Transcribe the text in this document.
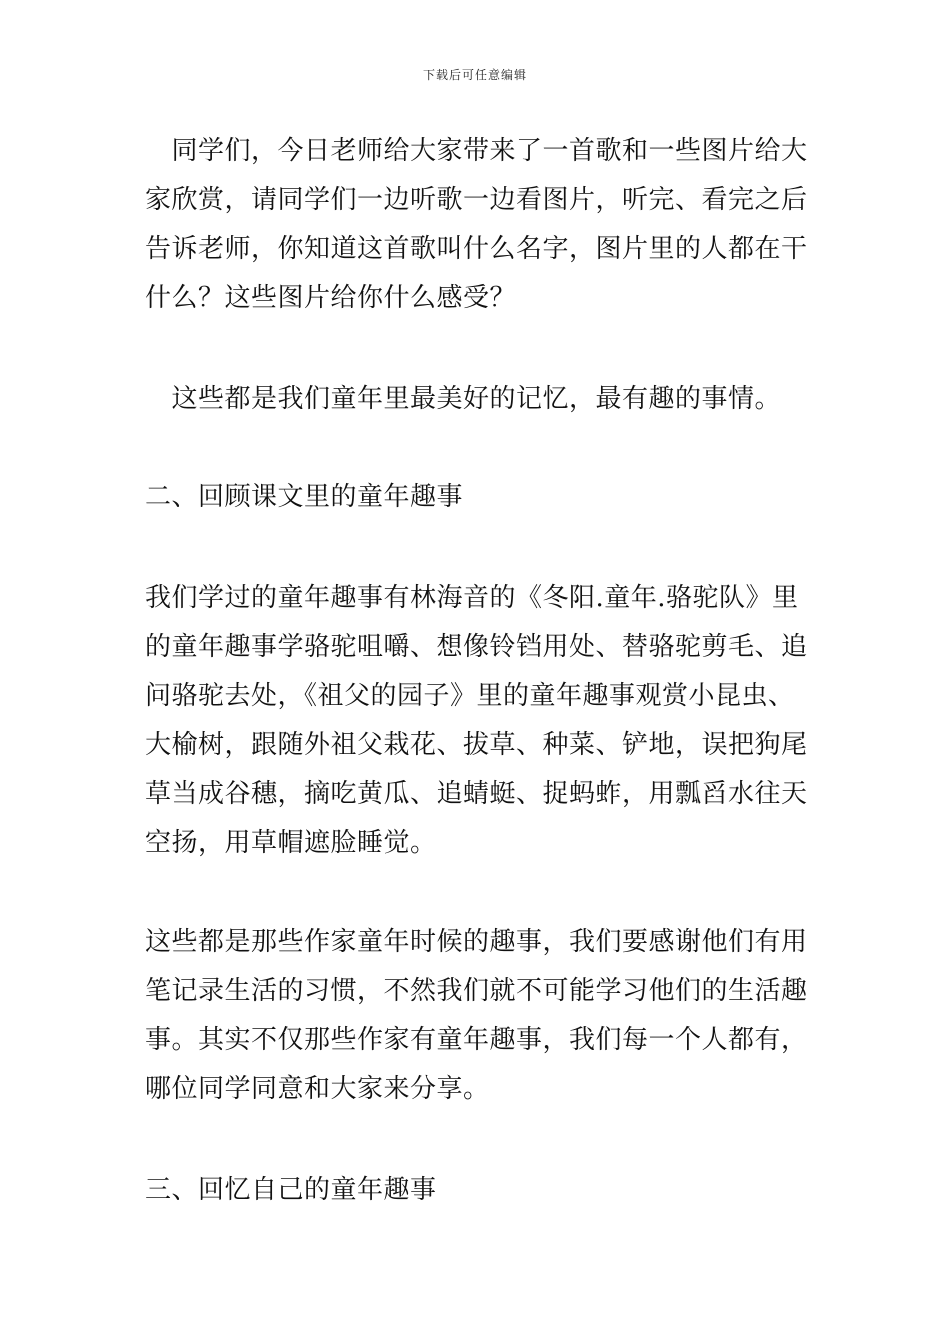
下载后可任意编辑
　同学们，今日老师给大家带来了一首歌和一些图片给大
家欣赏，请同学们一边听歌一边看图片，听完、看完之后
告诉老师，你知道这首歌叫什么名字，图片里的人都在干
什么？这些图片给你什么感受？
　这些都是我们童年里最美好的记忆，最有趣的事情。
二、回顾课文里的童年趣事
我们学过的童年趣事有林海音的《冬阳.童年.骆驼队》里
的童年趣事学骆驼咀嚼、想像铃铛用处、替骆驼剪毛、追
问骆驼去处，《祖父的园子》里的童年趣事观赏小昆虫、
大榆树，跟随外祖父栽花、拔草、种菜、铲地，误把狗尾
草当成谷穗，摘吃黄瓜、追蜻蜓、捉蚂蚱，用瓢舀水往天
空扬，用草帽遮脸睡觉。
这些都是那些作家童年时候的趣事，我们要感谢他们有用
笔记录生活的习惯，不然我们就不可能学习他们的生活趣
事。其实不仅那些作家有童年趣事，我们每一个人都有，
哪位同学同意和大家来分享。
三、回忆自己的童年趣事
